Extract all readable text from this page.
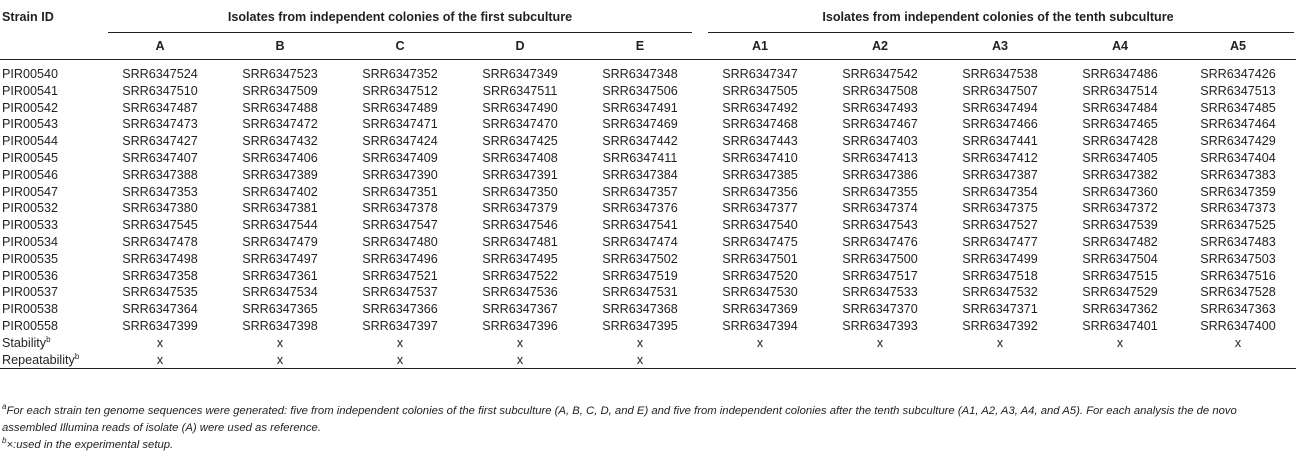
Strain ID	Isolates from independent colonies of the first subculture					Isolates from independent colonies of the tenth subculture				

	A	B	C	D	E	A1	A2	A3	A4	A5
PIR00540	SRR6347524	SRR6347523	SRR6347352	SRR6347349	SRR6347348	SRR6347347	SRR6347542	SRR6347538	SRR6347486	SRR6347426
PIR00541	SRR6347510	SRR6347509	SRR6347512	SRR6347511	SRR6347506	SRR6347505	SRR6347508	SRR6347507	SRR6347514	SRR6347513
PIR00542	SRR6347487	SRR6347488	SRR6347489	SRR6347490	SRR6347491	SRR6347492	SRR6347493	SRR6347494	SRR6347484	SRR6347485
PIR00543	SRR6347473	SRR6347472	SRR6347471	SRR6347470	SRR6347469	SRR6347468	SRR6347467	SRR6347466	SRR6347465	SRR6347464
PIR00544	SRR6347427	SRR6347432	SRR6347424	SRR6347425	SRR6347442	SRR6347443	SRR6347403	SRR6347441	SRR6347428	SRR6347429
PIR00545	SRR6347407	SRR6347406	SRR6347409	SRR6347408	SRR6347411	SRR6347410	SRR6347413	SRR6347412	SRR6347405	SRR6347404
PIR00546	SRR6347388	SRR6347389	SRR6347390	SRR6347391	SRR6347384	SRR6347385	SRR6347386	SRR6347387	SRR6347382	SRR6347383
PIR00547	SRR6347353	SRR6347402	SRR6347351	SRR6347350	SRR6347357	SRR6347356	SRR6347355	SRR6347354	SRR6347360	SRR6347359
PIR00532	SRR6347380	SRR6347381	SRR6347378	SRR6347379	SRR6347376	SRR6347377	SRR6347374	SRR6347375	SRR6347372	SRR6347373
PIR00533	SRR6347545	SRR6347544	SRR6347547	SRR6347546	SRR6347541	SRR6347540	SRR6347543	SRR6347527	SRR6347539	SRR6347525
PIR00534	SRR6347478	SRR6347479	SRR6347480	SRR6347481	SRR6347474	SRR6347475	SRR6347476	SRR6347477	SRR6347482	SRR6347483
PIR00535	SRR6347498	SRR6347497	SRR6347496	SRR6347495	SRR6347502	SRR6347501	SRR6347500	SRR6347499	SRR6347504	SRR6347503
PIR00536	SRR6347358	SRR6347361	SRR6347521	SRR6347522	SRR6347519	SRR6347520	SRR6347517	SRR6347518	SRR6347515	SRR6347516
PIR00537	SRR6347535	SRR6347534	SRR6347537	SRR6347536	SRR6347531	SRR6347530	SRR6347533	SRR6347532	SRR6347529	SRR6347528
PIR00538	SRR6347364	SRR6347365	SRR6347366	SRR6347367	SRR6347368	SRR6347369	SRR6347370	SRR6347371	SRR6347362	SRR6347363
PIR00558	SRR6347399	SRR6347398	SRR6347397	SRR6347396	SRR6347395	SRR6347394	SRR6347393	SRR6347392	SRR6347401	SRR6347400
Stability$^b$	x	x	x	x	x	x	x	x	x	x
Repeatability$^b$	x	x	x	x	x					
$^a$For each strain ten genome sequences were generated: five from independent colonies of the first subculture (A, B, C, D, and E) and five from independent colonies after the tenth subculture (A1, A2, A3, A4, and A5). For each analysis the de novo assembled Illumina reads of isolate (A) were used as reference.
$^b$×:used in the experimental setup.
